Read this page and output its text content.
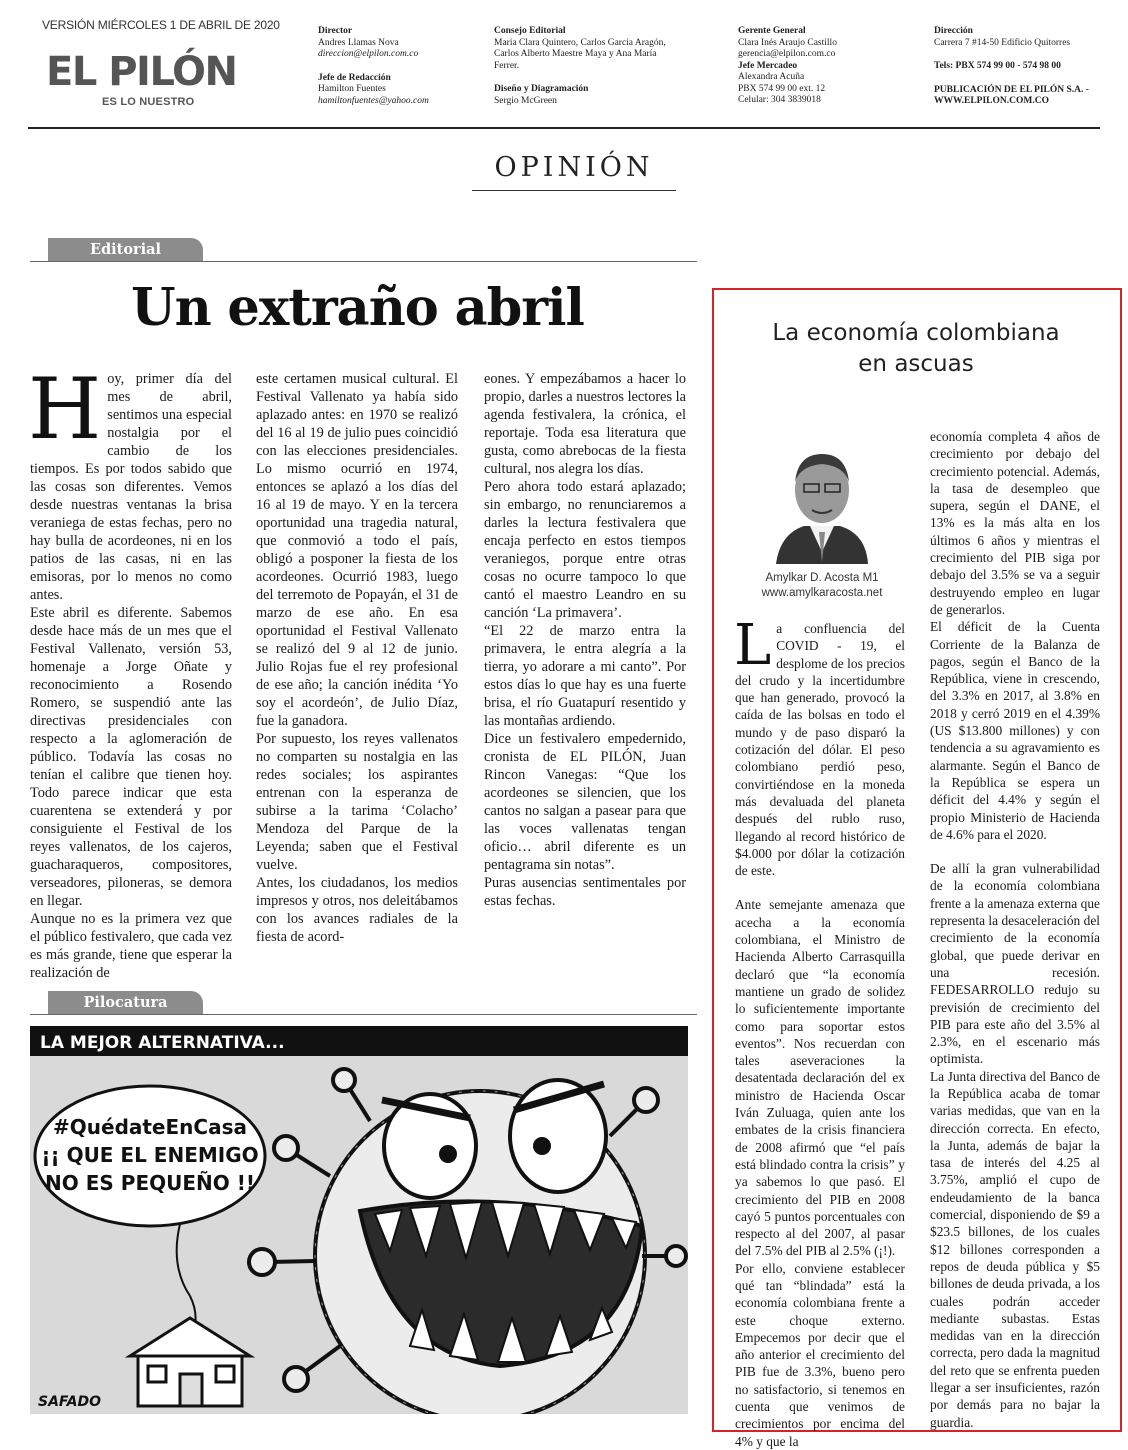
VERSIÓN MIÉRCOLES 1 DE ABRIL DE 2020
EL PILÓN
ES LO NUESTRO
Director
Andres Llamas Nova
direccion@elpilon.com.co
Jefe de Redacción
Hamilton Fuentes
hamiltonfuentes@yahoo.com
Consejo Editorial
María Clara Quintero, Carlos García Aragón,
Carlos Alberto Maestre Maya y Ana María
Ferrer.
Diseño y Diagramación
Sergio McGreen
Gerente General
Clara Inés Araujo Castillo
gerencia@elpilon.com.co
Jefe Mercadeo
Alexandra Acuña
PBX 574 99 00 ext. 12
Celular: 304 3839018
Dirección
Carrera 7 #14-50 Edificio Quitorres
Tels: PBX 574 99 00 - 574 98 00
PUBLICACIÓN DE EL PILÓN S.A. -
WWW.ELPILON.COM.CO
OPINIÓN
Editorial
Un extraño abril
H oy, primer día del mes de abril, sentimos una especial nostalgia por el cambio de los tiempos. Es por todos sabido que las cosas son diferentes. Vemos desde nuestras ventanas la brisa veraniega de estas fechas, pero no hay bulla de acordeones, ni en los patios de las casas, ni en las emisoras, por lo menos no como antes.

Este abril es diferente. Sabemos desde hace más de un mes que el Festival Vallenato, versión 53, homenaje a Jorge Oñate y reconocimiento a Rosendo Romero, se suspendió ante las directivas presidenciales con respecto a la aglomeración de público. Todavía las cosas no tenían el calibre que tienen hoy. Todo parece indicar que esta cuarentena se extenderá y por consiguiente el Festival de los reyes vallenatos, de los cajeros, guacharaqueros, compositores, verseadores, piloneras, se demora en llegar.

Aunque no es la primera vez que el público festivalero, que cada vez es más grande, tiene que esperar la realización de

este certamen musical cultural. El Festival Vallenato ya había sido aplazado antes: en 1970 se realizó del 16 al 19 de julio pues coincidió con las elecciones presidenciales. Lo mismo ocurrió en 1974, entonces se aplazó a los días del 16 al 19 de mayo. Y en la tercera oportunidad una tragedia natural, que conmovió a todo el país, obligó a posponer la fiesta de los acordeones. Ocurrió 1983, luego del terremoto de Popayán, el 31 de marzo de ese año. En esa oportunidad el Festival Vallenato se realizó del 9 al 12 de junio. Julio Rojas fue el rey profesional de ese año; la canción inédita ‘Yo soy el acordeón’, de Julio Díaz, fue la ganadora.

Por supuesto, los reyes vallenatos no comparten su nostalgia en las redes sociales; los aspirantes entrenan con la esperanza de subirse a la tarima ‘Colacho’ Mendoza del Parque de la Leyenda; saben que el Festival vuelve.

Antes, los ciudadanos, los medios impresos y otros, nos deleitábamos con los avances radiales de la fiesta de acord-

eones. Y empezábamos a hacer lo propio, darles a nuestros lectores la agenda festivalera, la crónica, el reportaje. Toda esa literatura que gusta, como abrebocas de la fiesta cultural, nos alegra los días.

Pero ahora todo estará aplazado; sin embargo, no renunciaremos a darles la lectura festivalera que encaja perfecto en estos tiempos veraniegos, porque entre otras cosas no ocurre tampoco lo que cantó el maestro Leandro en su canción ‘La primavera’.

“El 22 de marzo entra la primavera, le entra alegría a la tierra, yo adorare a mi canto”. Por estos días lo que hay es una fuerte brisa, el río Guatapurí resentido y las montañas ardiendo.

Dice un festivalero empedernido, cronista de EL PILÓN, Juan Rincon Vanegas: “Que los acordeones se silencien, que los cantos no salgan a pasear para que las voces vallenatas tengan oficio… abril diferente es un pentagrama sin notas”.

Puras ausencias sentimentales por estas fechas.

Pilocatura
LA MEJOR ALTERNATIVA...
#QuédateEnCasa
¡¡ QUE EL ENEMIGO
NO ES PEQUEÑO !!
SAFADO
La economía colombiana
en ascuas
Amylkar D. Acosta M1
www.amylkaracosta.net
L a confluencia del COVID - 19, el desplome de los precios del crudo y la incertidumbre que han generado, provocó la caída de las bolsas en todo el mundo y de paso disparó la cotización del dólar. El peso colombiano perdió peso, convirtiéndose en la moneda más devaluada del planeta después del rublo ruso, llegando al record histórico de $4.000 por dólar la cotización de este.

Ante semejante amenaza que acecha a la economía colombiana, el Ministro de Hacienda Alberto Carrasquilla declaró que “la economía mantiene un grado de solidez lo suficientemente importante como para soportar estos eventos”. Nos recuerdan con tales aseveraciones la desatentada declaración del ex ministro de Hacienda Oscar Iván Zuluaga, quien ante los embates de la crisis financiera de 2008 afirmó que “el país está blindado contra la crisis” y ya sabemos lo que pasó. El crecimiento del PIB en 2008 cayó 5 puntos porcentuales con respecto al del 2007, al pasar del 7.5% del PIB al 2.5% (¡!).

Por ello, conviene establecer qué tan “blindada” está la economía colombiana frente a este choque externo. Empecemos por decir que el año anterior el crecimiento del PIB fue de 3.3%, bueno pero no satisfactorio, si tenemos en cuenta que venimos de crecimientos por encima del 4% y que la

economía completa 4 años de crecimiento por debajo del crecimiento potencial. Además, la tasa de desempleo que supera, según el DANE, el 13% es la más alta en los últimos 6 años y mientras el crecimiento del PIB siga por debajo del 3.5% se va a seguir destruyendo empleo en lugar de generarlos.

El déficit de la Cuenta Corriente de la Balanza de pagos, según el Banco de la República, viene in crescendo, del 3.3% en 2017, al 3.8% en 2018 y cerró 2019 en el 4.39% (US $13.800 millones) y con tendencia a su agravamiento es alarmante. Según el Banco de la República se espera un déficit del 4.4% y según el propio Ministerio de Hacienda de 4.6% para el 2020.

De allí la gran vulnerabilidad de la economía colombiana frente a la amenaza externa que representa la desaceleración del crecimiento de la economía global, que puede derivar en una recesión. FEDESARROLLO redujo su previsión de crecimiento del PIB para este año del 3.5% al 2.3%, en el escenario más optimista.

La Junta directiva del Banco de la República acaba de tomar varias medidas, que van en la dirección correcta. En efecto, la Junta, además de bajar la tasa de interés del 4.25 al 3.75%, amplió el cupo de endeudamiento de la banca comercial, disponiendo de $9 a $23.5 billones, de los cuales $12 billones corresponden a repos de deuda pública y $5 billones de deuda privada, a los cuales podrán acceder mediante subastas. Estas medidas van en la dirección correcta, pero dada la magnitud del reto que se enfrenta pueden llegar a ser insuficientes, razón por demás para no bajar la guardia.
